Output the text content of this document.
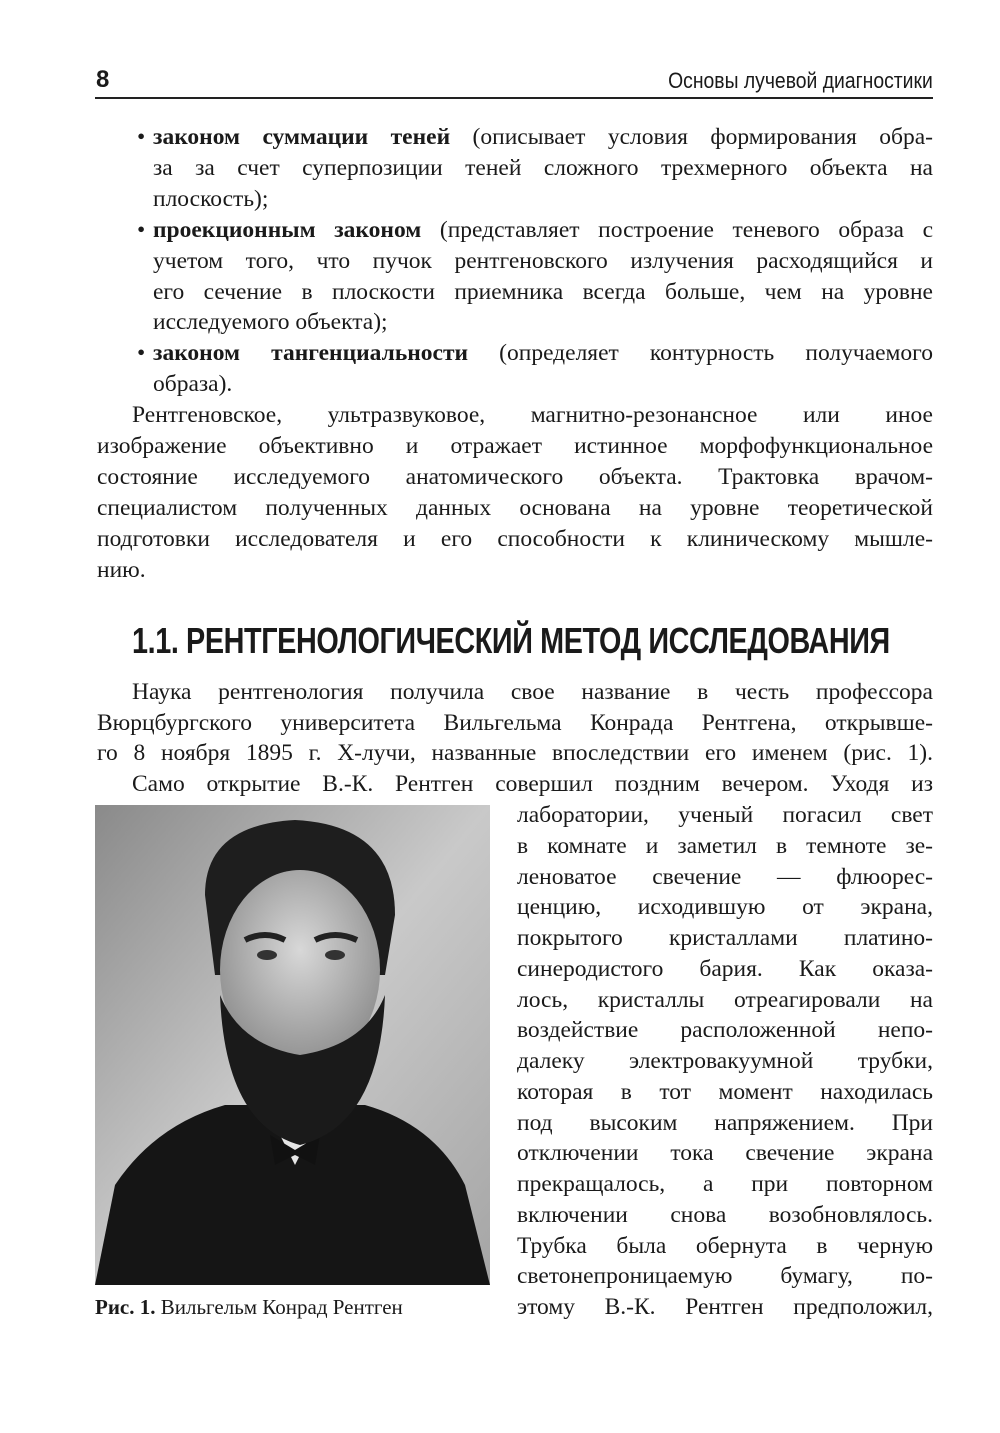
8	Основы лучевой диагностики
• законом суммации теней (описывает условия формирования обра-
за за счет суперпозиции теней сложного трехмерного объекта на
плоскость);
• проекционным законом (представляет построение теневого образа с
учетом того, что пучок рентгеновского излучения расходящийся и
его сечение в плоскости приемника всегда больше, чем на уровне
исследуемого объекта);
• законом тангенциальности (определяет контурность получаемого
образа).
Рентгеновское, ультразвуковое, магнитно-резонансное или иное
изображение объективно и отражает истинное морфофункциональное
состояние исследуемого анатомического объекта. Трактовка врачом-
специалистом полученных данных основана на уровне теоретической
подготовки исследователя и его способности к клиническому мышле-
нию.
Наука рентгенология получила свое название в честь профессора
Вюрцбургского университета Вильгельма Конрада Рентгена, открывше-
го 8 ноября 1895 г. X-лучи, названные впоследствии его именем (рис. 1).
Само открытие В.-К. Рентген совершил поздним вечером. Уходя из
лаборатории, ученый погасил свет
в комнате и заметил в темноте зе-
леноватое свечение — флюорес-
ценцию, исходившую от экрана,
покрытого кристаллами платино-
синеродистого бария. Как оказа-
лось, кристаллы отреагировали на
воздействие расположенной непо-
далеку электровакуумной трубки,
которая в тот момент находилась
под высоким напряжением. При
отключении тока свечение экрана
прекращалось, а при повторном
включении снова возобновлялось.
Трубка была обернута в черную
светонепроницаемую бумагу, по-
этому В.-К. Рентген предположил,
1.1. РЕНТГЕНОЛОГИЧЕСКИЙ МЕТОД ИССЛЕДОВАНИЯ
Рис. 1. Вильгельм Конрад Рентген
